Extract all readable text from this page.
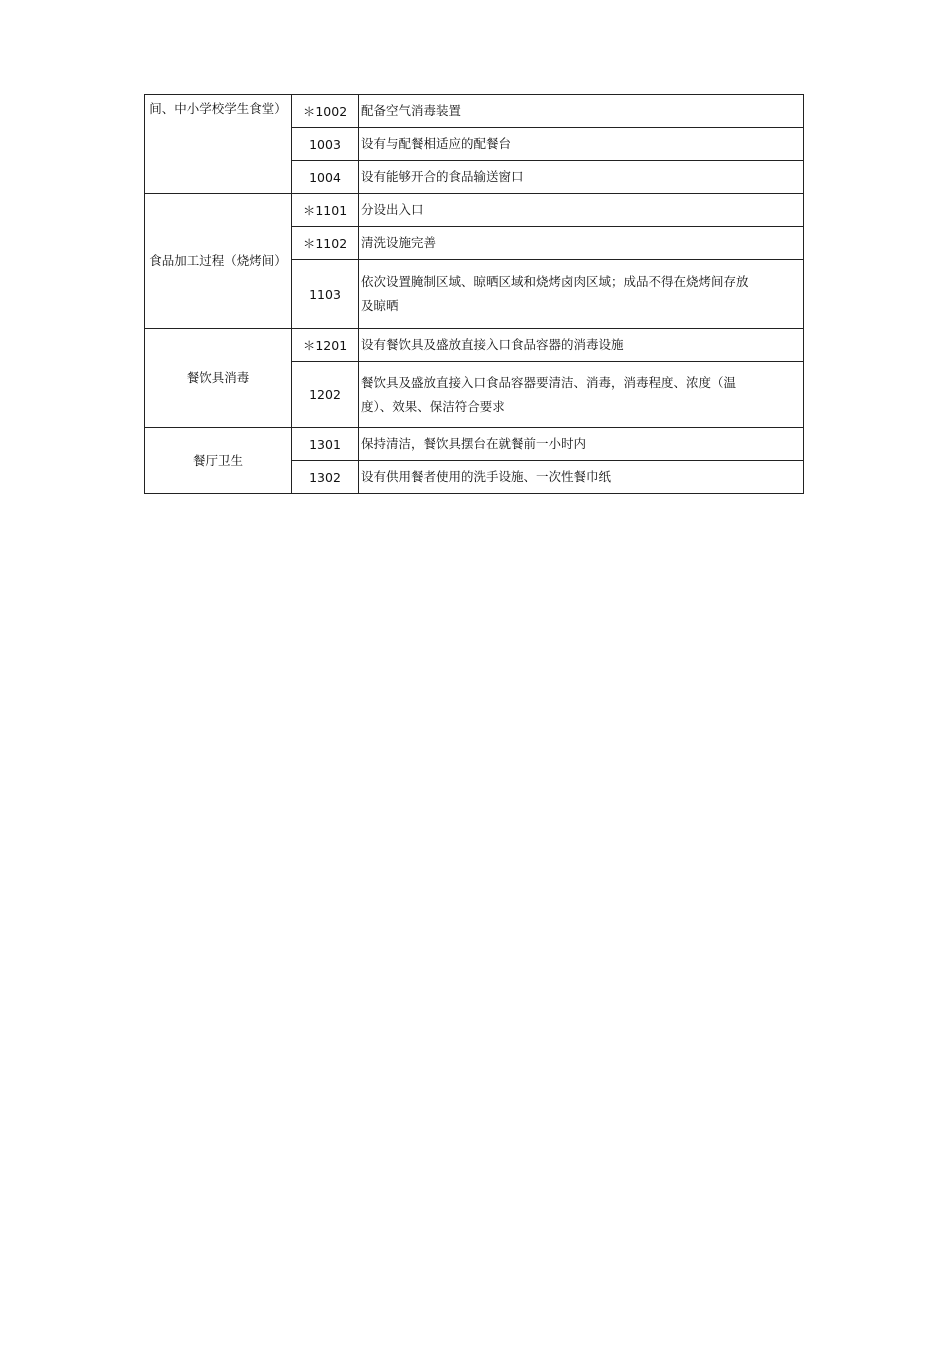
间、中小学校学生食堂）	＊1002	配备空气消毒装置

	1003	设有与配餐相适应的配餐台

	1004	设有能够开合的食品输送窗口

食品加工过程（烧烤间）	＊1101	分设出入口

	＊1102	清洗设施完善

	1103	依次设置腌制区域、晾晒区域和烧烤卤肉区域；成品不得在烧烤间存放及晾晒

餐饮具消毒	＊1201	设有餐饮具及盛放直接入口食品容器的消毒设施

	1202	餐饮具及盛放直接入口食品容器要清洁、消毒，消毒程度、浓度（温度）、效果、保洁符合要求

餐厅卫生	1301	保持清洁，餐饮具摆台在就餐前一小时内

	1302	设有供用餐者使用的洗手设施、一次性餐巾纸
